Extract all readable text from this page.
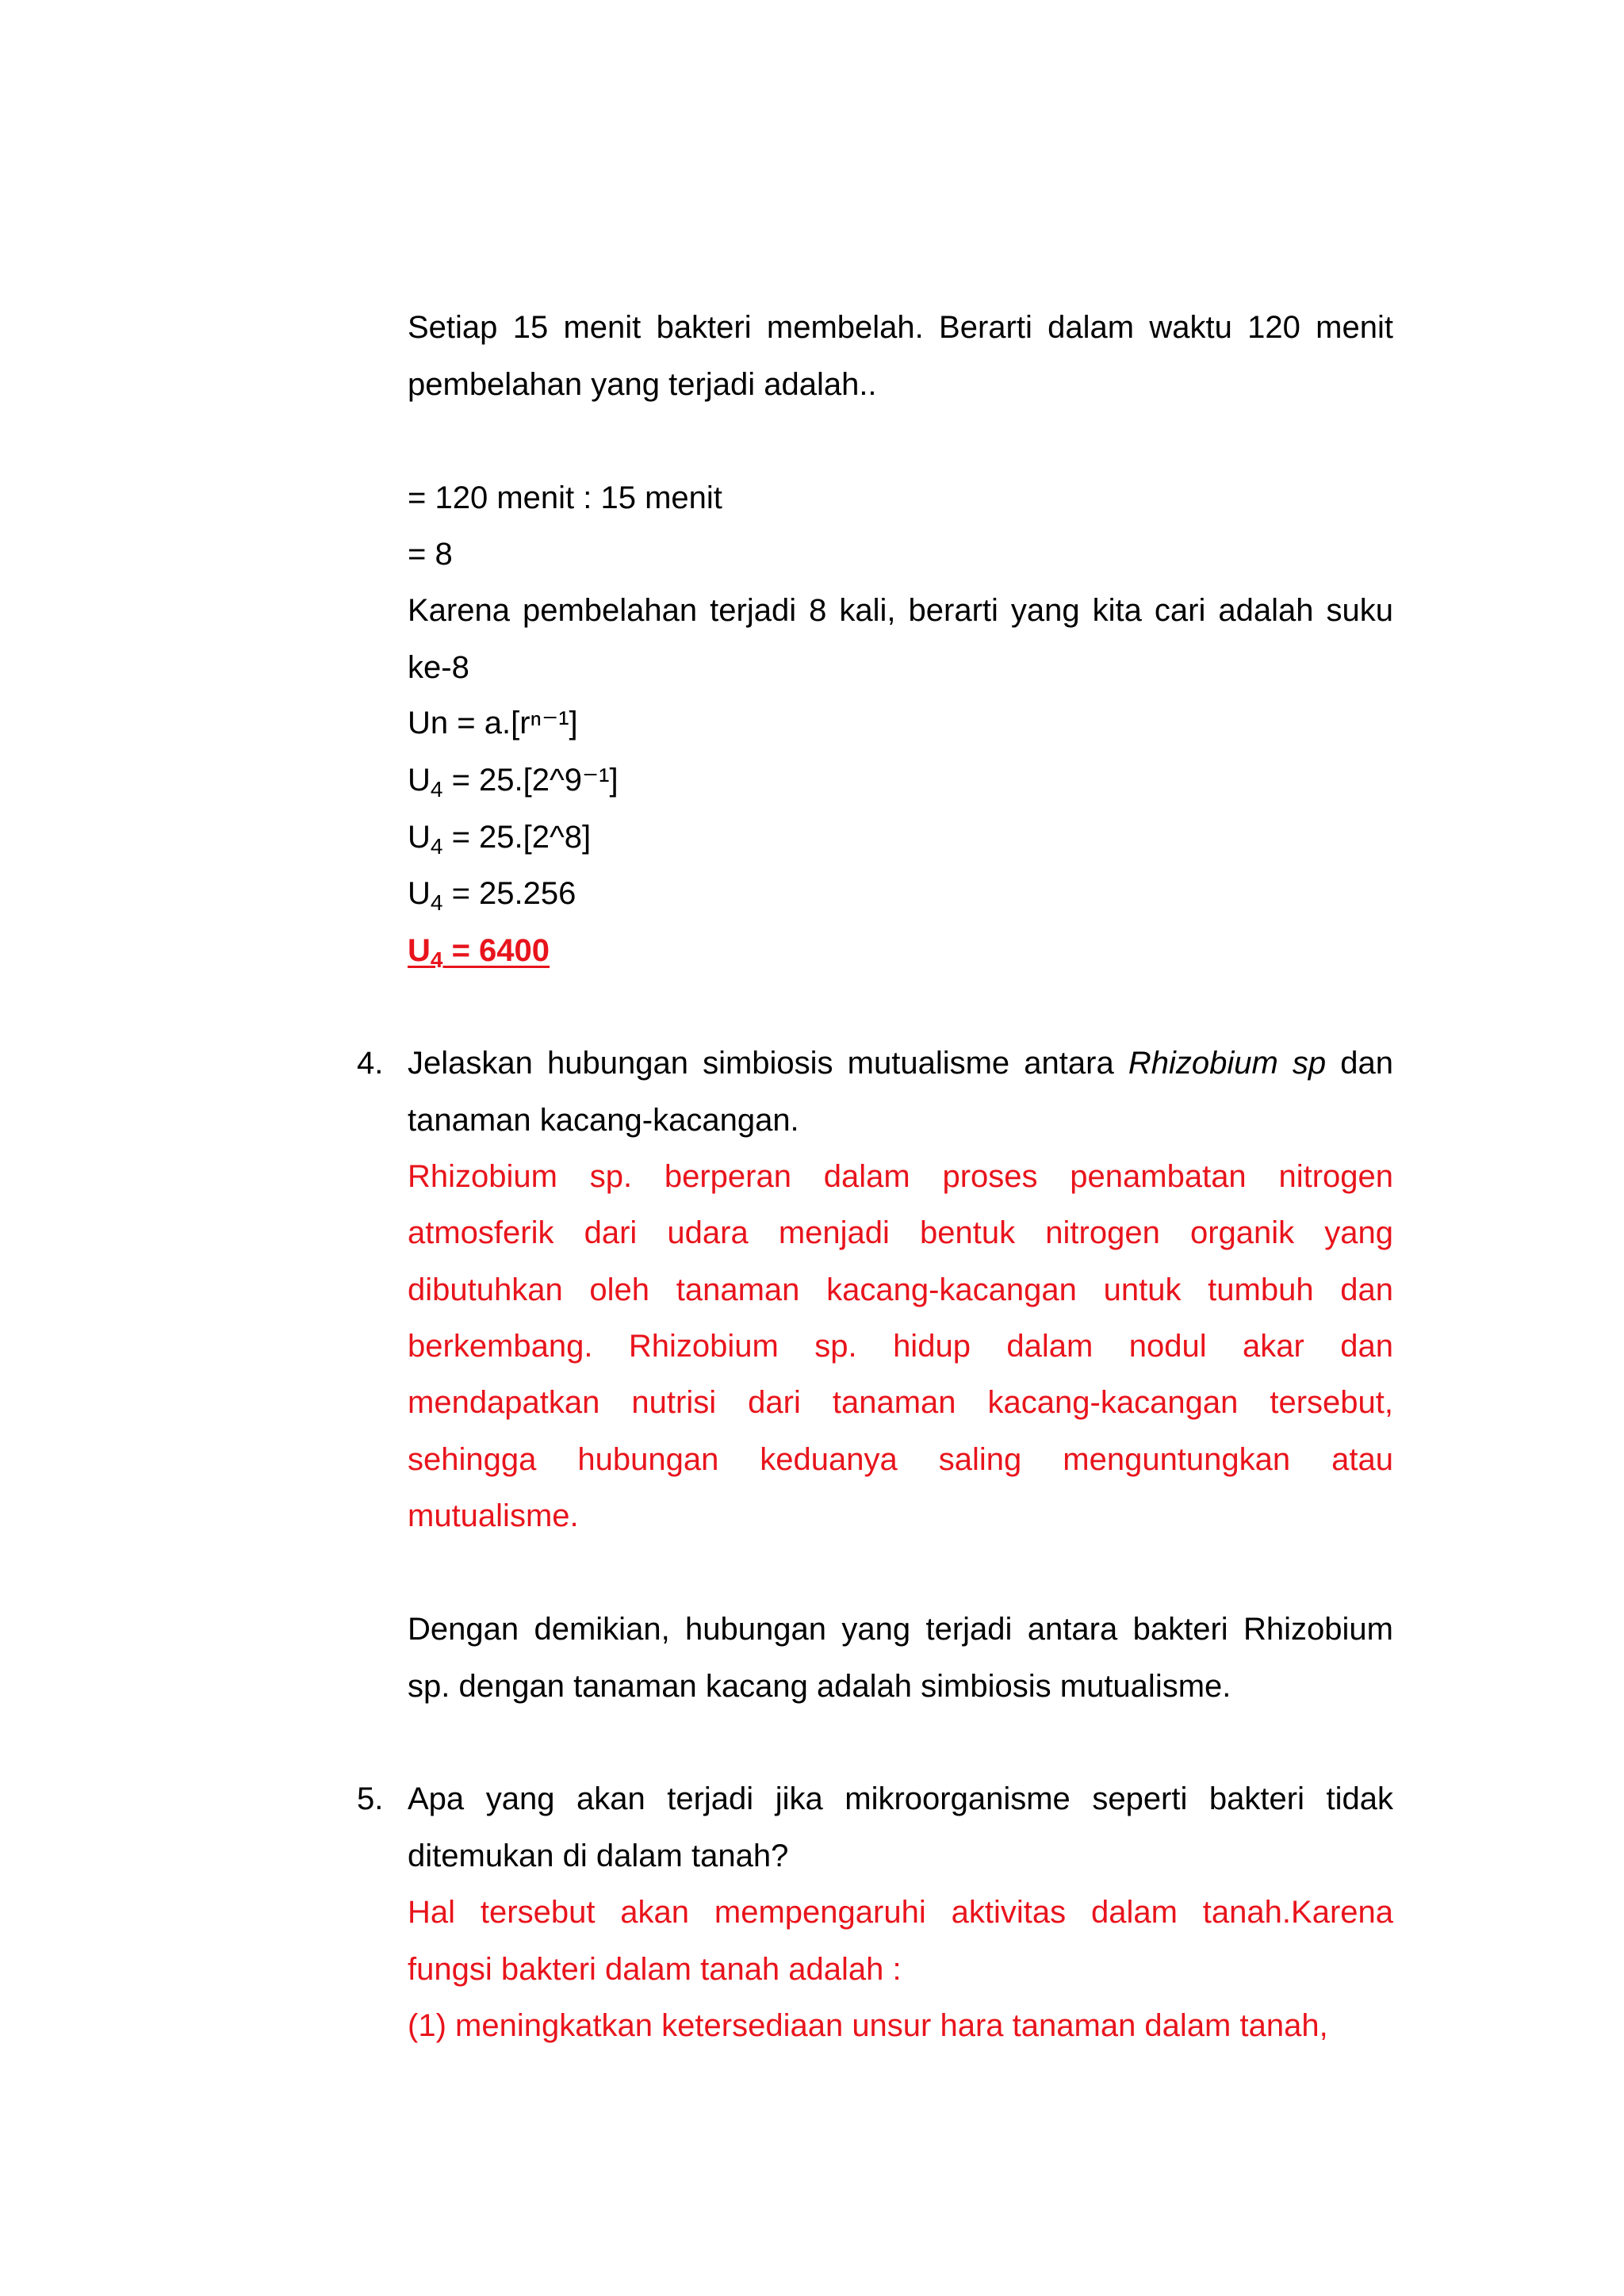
Setiap 15 menit bakteri membelah. Berarti dalam waktu 120 menit

pembelahan yang terjadi adalah..

= 120 menit : 15 menit

= 8

Karena pembelahan terjadi 8 kali, berarti yang kita cari adalah suku

ke-8

Un = a.[rⁿ⁻¹]

$U_4$ = 25.[2^9⁻¹]

$U_4$ = 25.[2^8]

$U_4 = 25.256$

$U_4 = 6400$

4. Jelaskan hubungan simbiosis mutualisme antara Rhizobium sp dan

tanaman kacang-kacangan.

Rhizobium sp. berperan dalam proses penambatan nitrogen

atmosferik dari udara menjadi bentuk nitrogen organik yang

dibutuhkan oleh tanaman kacang-kacangan untuk tumbuh dan

berkembang. Rhizobium sp. hidup dalam nodul akar dan

mendapatkan nutrisi dari tanaman kacang-kacangan tersebut,

sehingga hubungan keduanya saling menguntungkan atau

mutualisme.

Dengan demikian, hubungan yang terjadi antara bakteri Rhizobium

sp. dengan tanaman kacang adalah simbiosis mutualisme.

5. Apa yang akan terjadi jika mikroorganisme seperti bakteri tidak

ditemukan di dalam tanah?

Hal tersebut akan mempengaruhi aktivitas dalam tanah.Karena

fungsi bakteri dalam tanah adalah :

(1) meningkatkan ketersediaan unsur hara tanaman dalam tanah,
